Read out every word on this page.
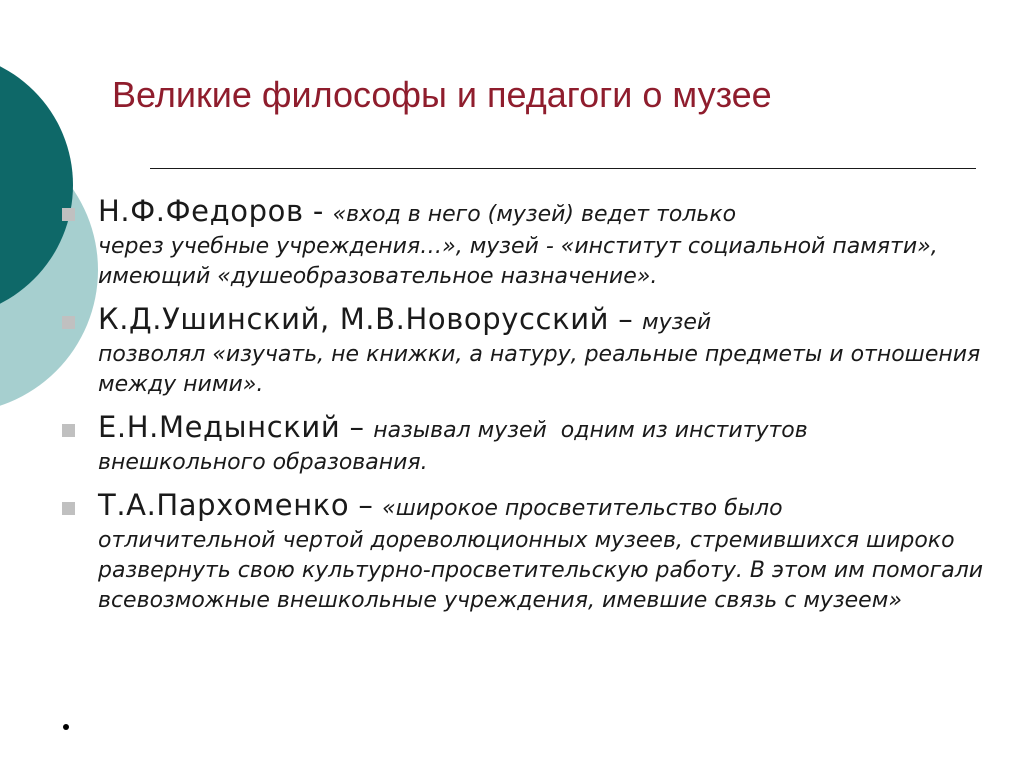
Великие философы и педагоги о музее
Н.Ф.Федоров - «вход в него (музей) ведет только
через учебные учреждения…», музей - «институт социальной памяти», имеющий «душеобразовательное назначение».
К.Д.Ушинский, М.В.Новорусский – музей
позволял «изучать, не книжки, а натуру, реальные предметы и отношения между ними».
Е.Н.Медынский – называл музей  одним из институтов
внешкольного образования.
Т.А.Пархоменко – «широкое просветительство было
отличительной чертой дореволюционных музеев, стремившихся широко развернуть свою культурно-просветительскую работу. В этом им помогали всевозможные внешкольные учреждения, имевшие связь с музеем»
